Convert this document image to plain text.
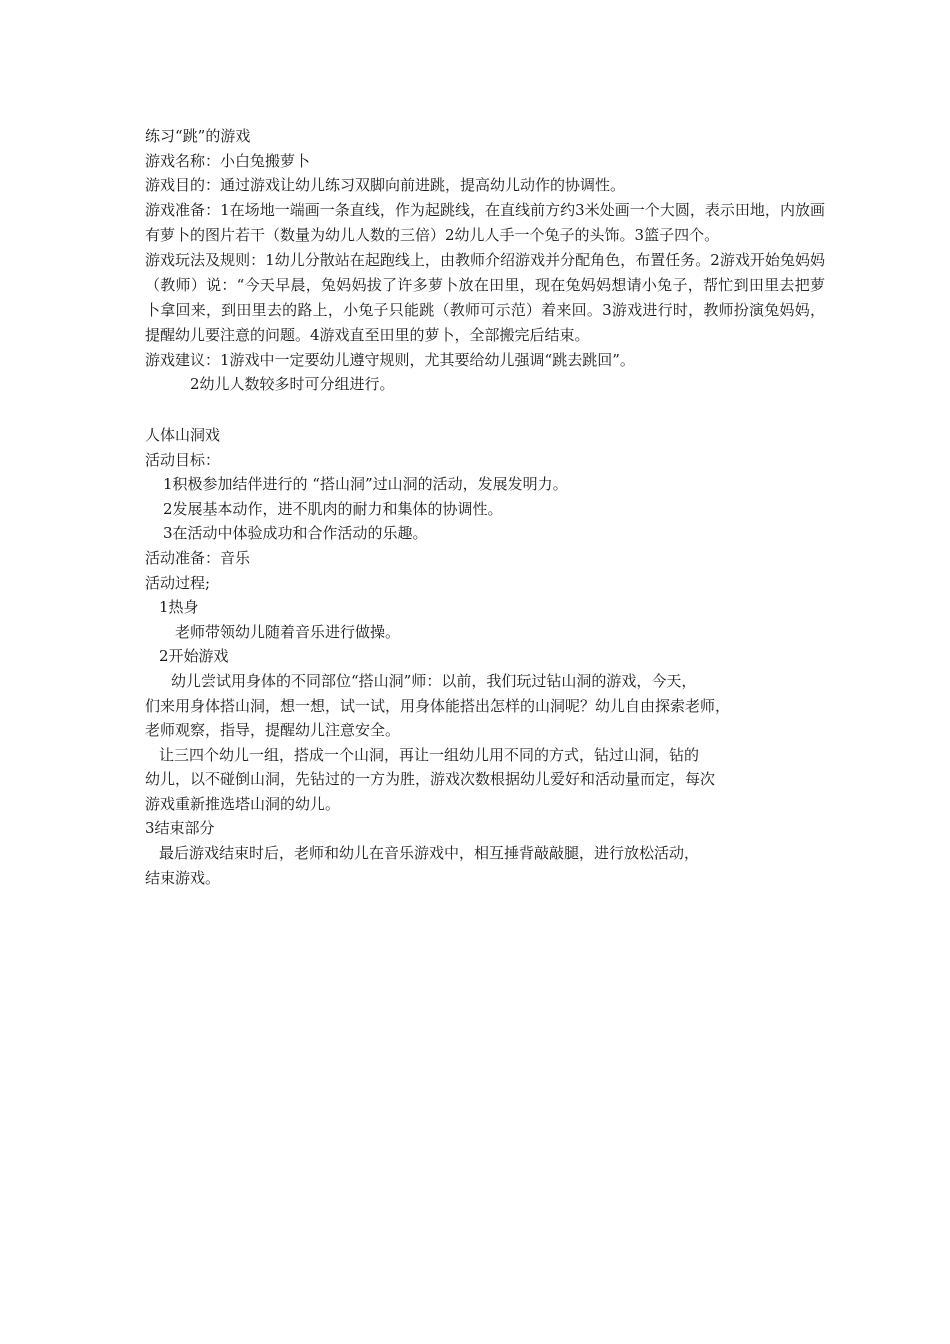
练习“跳”的游戏
游戏名称：小白兔搬萝卜
游戏目的：通过游戏让幼儿练习双脚向前进跳，提高幼儿动作的协调性。
游戏准备：1在场地一端画一条直线，作为起跳线，在直线前方约3米处画一个大圆，表示田地，内放画有萝卜的图片若干（数量为幼儿人数的三倍）2幼儿人手一个兔子的头饰。3篮子四个。
游戏玩法及规则：1幼儿分散站在起跑线上，由教师介绍游戏并分配角色，布置任务。2游戏开始兔妈妈（教师）说：“今天早晨，兔妈妈拔了许多萝卜放在田里，现在兔妈妈想请小兔子，帮忙到田里去把萝卜拿回来，到田里去的路上，小兔子只能跳（教师可示范）着来回。3游戏进行时，教师扮演兔妈妈，提醒幼儿要注意的问题。4游戏直至田里的萝卜，全部搬完后结束。
游戏建议：1游戏中一定要幼儿遵守规则，尤其要给幼儿强调“跳去跳回”。
2幼儿人数较多时可分组进行。
人体山洞戏
活动目标：
1积极参加结伴进行的 “搭山洞”过山洞的活动，发展发明力。
2发展基本动作，进不肌肉的耐力和集体的协调性。
3在活动中体验成功和合作活动的乐趣。
活动准备：音乐
活动过程;
1热身
老师带领幼儿随着音乐进行做操。
2开始游戏
幼儿尝试用身体的不同部位“搭山洞”师：以前，我们玩过钻山洞的游戏，今天，
们来用身体搭山洞，想一想，试一试，用身体能搭出怎样的山洞呢？幼儿自由探索老师，
老师观察，指导，提醒幼儿注意安全。
让三四个幼儿一组，搭成一个山洞，再让一组幼儿用不同的方式，钻过山洞，钻的
幼儿，以不碰倒山洞，先钻过的一方为胜，游戏次数根据幼儿爱好和活动量而定，每次
游戏重新推选塔山洞的幼儿。
3结束部分
最后游戏结束时后，老师和幼儿在音乐游戏中，相互捶背敲敲腿，进行放松活动，
结束游戏。
